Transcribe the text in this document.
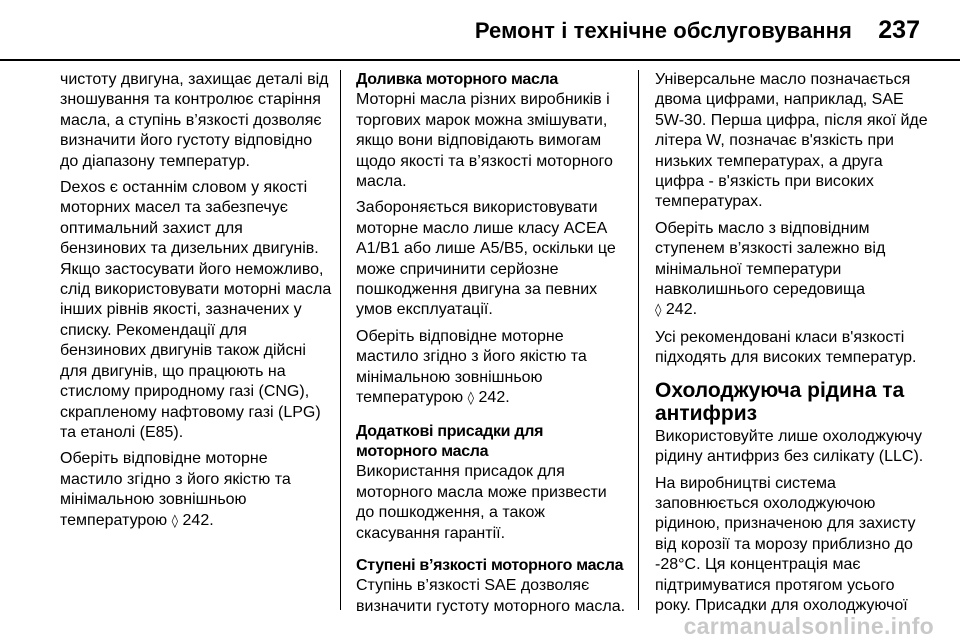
Ремонт і технічне обслуговування 237

чистоту двигуна, захищає деталі від зношування та контролює старіння масла, а ступінь в’язкості дозволяє визначити його густоту відповідно до діапазону температур.

Dexos є останнім словом у якості моторних масел та забезпечує оптимальний захист для бензинових та дизельних двигунів. Якщо застосувати його неможливо, слід використовувати моторні масла інших рівнів якості, зазначених у списку. Рекомендації для бензинових двигунів також дійсні для двигунів, що працюють на стислому природному газі (CNG), скрапленому нафтовому газі (LPG) та етанолі (E85).

Оберіть відповідне моторне мастило згідно з його якістю та мінімальною зовнішньою температурою ◊ 242.

Доливка моторного масла

Моторні масла різних виробників і торгових марок можна змішувати, якщо вони відповідають вимогам щодо якості та в’язкості моторного масла.

Забороняється використовувати моторне масло лише класу ACEA A1/B1 або лише A5/B5, оскільки це може спричинити серйозне пошкодження двигуна за певних умов експлуатації.

Оберіть відповідне моторне мастило згідно з його якістю та мінімальною зовнішньою температурою ◊ 242.

Додаткові присадки для моторного масла

Використання присадок для моторного масла може призвести до пошкодження, а також скасування гарантії.

Ступені в’язкості моторного масла

Ступінь в’язкості SAE дозволяє визначити густоту моторного масла.

Універсальне масло позначається двома цифрами, наприклад, SAE 5W-30. Перша цифра, після якої йде літера W, позначає в'язкість при низьких температурах, а друга цифра - в'язкість при високих температурах.

Оберіть масло з відповідним ступенем в’язкості залежно від мінімальної температури навколишнього середовища
◊ 242.

Усі рекомендовані класи в'язкості підходять для високих температур.

Охолоджуюча рідина та антифриз

Використовуйте лише охолоджуючу рідину антифриз без силікату (LLC).

На виробництві система заповнюється охолоджуючою рідиною, призначеною для захисту від корозії та морозу приблизно до -28°C. Ця концентрація має підтримуватися протягом усього року. Присадки для охолоджуючої

carmanualsonline.info
